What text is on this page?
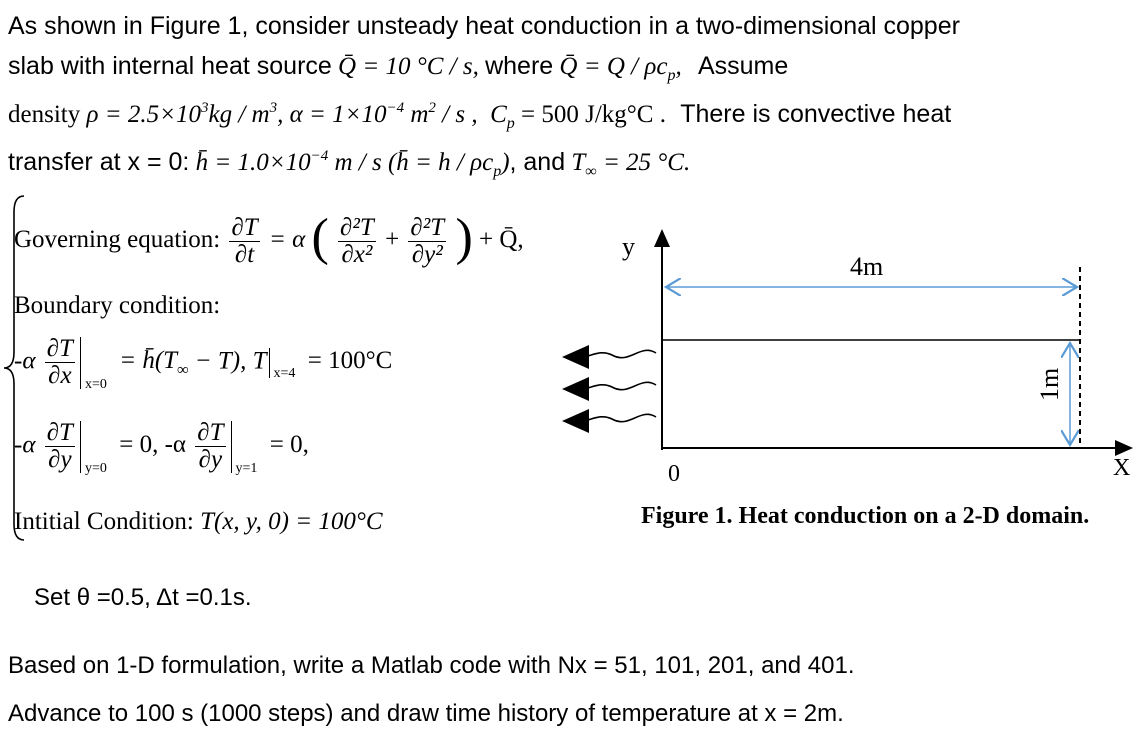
As shown in Figure 1, consider unsteady heat conduction in a two-dimensional copper
slab with internal heat source Q̄ = 10 °C / s, where Q̄ = Q / $\rho c_p$, Assume
density $\rho = 2.5\times 10^3kg / m^3$, $\alpha = 1\times 10^{-4}$ $m^2$ / s , $C_p = 500$ J/kg°C . There is convective heat
transfer at x = 0: h̄ = $1.0\times 10^{-4}$ m / s (h̄ = h / $\rho c_p$), and $T_\infty = 25$ °C.
Governing equation: $\frac{\partial T}{\partial t} = \alpha$ ( $\frac{\text{∂²T}}{\text{∂x²}} + \frac{\text{∂²T}}{\text{∂y²}}$ ) + Q̄,
Boundary condition:
$-\alpha \frac{\partial T}{\partial x} x=0$
= $h̄(T_\infty - T)$, T x=4 = 100°C
$-\alpha \frac{\partial T}{\partial y} y=0$
= 0, $-\alpha \frac{\partial T}{\partial y} y=1$
= 0,
Intitial Condition: T(x, y, 0) = 100°C
y
X
0
4m
1m
Figure 1. Heat conduction on a 2-D domain.
Set θ =0.5, Δt =0.1s.
Based on 1-D formulation, write a Matlab code with Nx = 51, 101, 201, and 401.
Advance to 100 s (1000 steps) and draw time history of temperature at x = 2m.
